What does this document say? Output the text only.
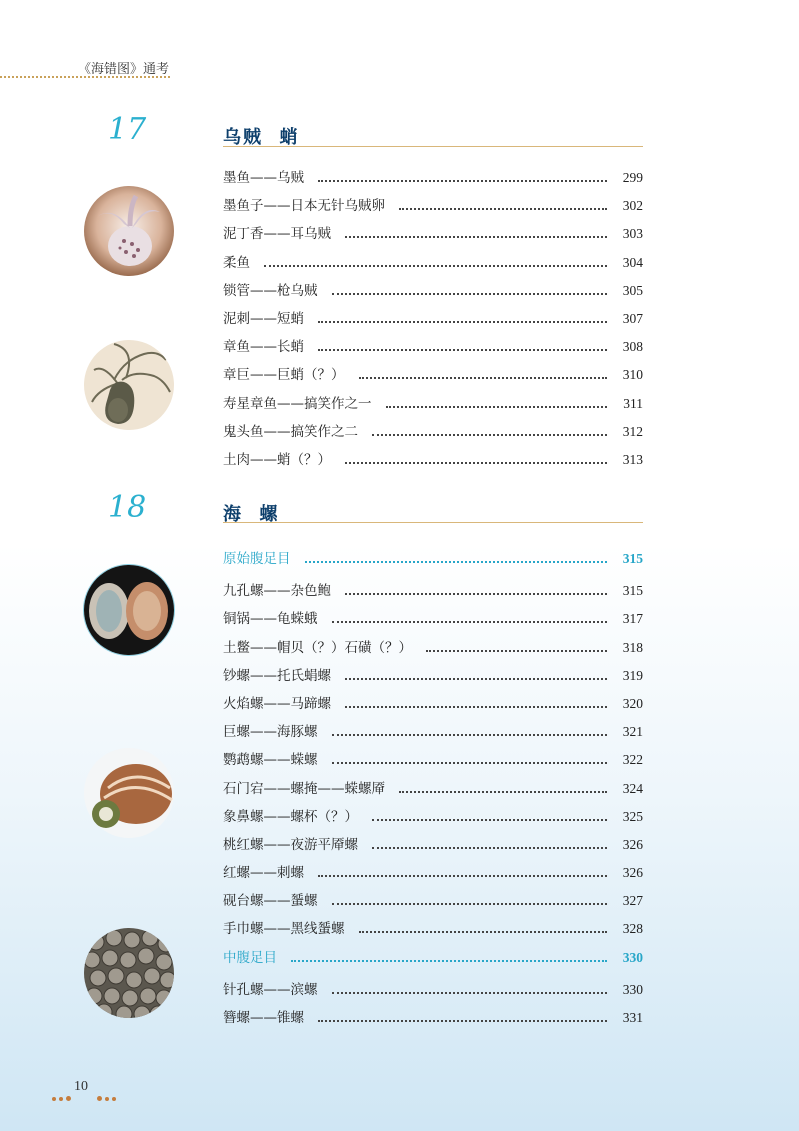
《海错图》通考
17	乌贼  蛸
墨鱼——乌贼	299
墨鱼子——日本无针乌贼卵	302
泥丁香——耳乌贼	303
柔鱼	304
锁管——枪乌贼	305
泥刺——短蛸	307
章鱼——长蛸	308
章巨——巨蛸（？）	310
寿星章鱼——搞笑作之一	311
鬼头鱼——搞笑作之二	312
土肉——蛸（？）	313
18	海  螺
原始腹足目	315
九孔螺——杂色鲍	315
铜锅——龟蝾蛾	317
土鳖——帽贝（？）石磺（？）	318
钞螺——托氏蜎螺	319
火焰螺——马蹄螺	320
巨螺——海豚螺	321
鹦鹉螺——蝾螺	322
石门宕——螺掩——蝾螺厣	324
象鼻螺——螺杯（？）	325
桃红螺——夜游平厣螺	326
红螺——刺螺	326
砚台螺——蜑螺	327
手巾螺——黑线蜑螺	328
中腹足目	330
针孔螺——滨螺	330
簪螺——锥螺	331
10
